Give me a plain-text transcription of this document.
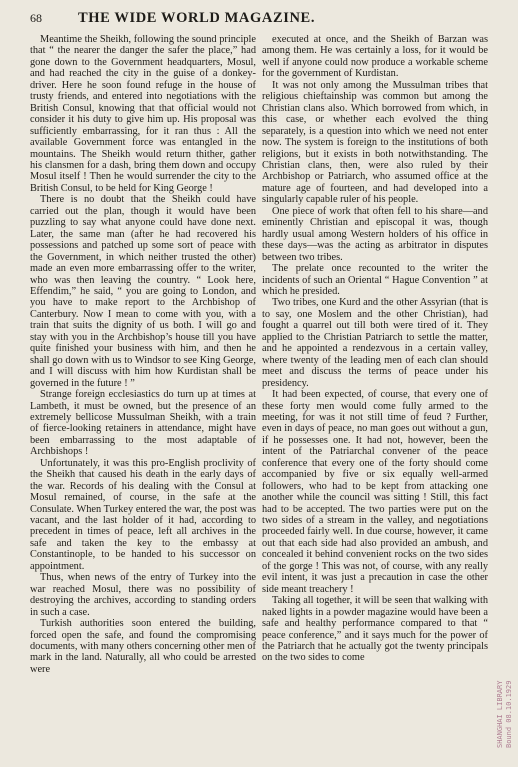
68	THE WIDE WORLD MAGAZINE.

Meantime the Sheikh, following the sound principle that “ the nearer the danger the safer the place,” had gone down to the Government headquarters, Mosul, and had reached the city in the guise of a donkey-driver. Here he soon found refuge in the house of trusty friends, and entered into negotiations with the British Consul, knowing that that official would not consider it his duty to give him up. His proposal was sufficiently embarrassing, for it ran thus : All the available Government force was entangled in the mountains. The Sheikh would return thither, gather his clansmen for a dash, bring them down and occupy Mosul itself ! Then he would surrender the city to the British Consul, to be held for King George !

There is no doubt that the Sheikh could have carried out the plan, though it would have been puzzling to say what anyone could have done next. Later, the same man (after he had recovered his possessions and patched up some sort of peace with the Government, in which neither trusted the other) made an even more embarrassing offer to the writer, who was then leaving the country. “ Look here, Effendim,” he said, “ you are going to London, and you have to make report to the Archbishop of Canterbury. Now I mean to come with you, with a train that suits the dignity of us both. I will go and stay with you in the Archbishop’s house till you have quite finished your business with him, and then he shall go down with us to Windsor to see King George, and I will discuss with him how Kurdistan shall be governed in the future ! ”

Strange foreign ecclesiastics do turn up at times at Lambeth, it must be owned, but the presence of an extremely bellicose Mussulman Sheikh, with a train of fierce-looking retainers in attendance, might have been embarrassing to the most adaptable of Archbishops !

Unfortunately, it was this pro-English proclivity of the Sheikh that caused his death in the early days of the war. Records of his dealing with the Consul at Mosul remained, of course, in the safe at the Consulate. When Turkey entered the war, the post was vacant, and the last holder of it had, according to precedent in times of peace, left all archives in the safe and taken the key to the embassy at Constantinople, to be handed to his successor on appointment.

Thus, when news of the entry of Turkey into the war reached Mosul, there was no possibility of destroying the archives, according to standing orders in such a case.

Turkish authorities soon entered the building, forced open the safe, and found the compromising documents, with many others concerning other men of mark in the land. Naturally, all who could be arrested were

executed at once, and the Sheikh of Barzan was among them. He was certainly a loss, for it would be well if anyone could now produce a workable scheme for the government of Kurdistan.

It was not only among the Mussulman tribes that religious chieftainship was common but among the Christian clans also. Which borrowed from which, in this case, or whether each evolved the thing separately, is a question into which we need not enter now. The system is foreign to the institutions of both religions, but it exists in both notwithstanding. The Christian clans, then, were also ruled by their Archbishop or Patriarch, who assumed office at the mature age of fourteen, and had developed into a singularly capable ruler of his people.

One piece of work that often fell to his share—and eminently Christian and episcopal it was, though hardly usual among Western holders of his office in these days—was the acting as arbitrator in disputes between two tribes.

The prelate once recounted to the writer the incidents of such an Oriental “ Hague Convention ” at which he presided.

Two tribes, one Kurd and the other Assyrian (that is to say, one Moslem and the other Christian), had fought a quarrel out till both were tired of it. They applied to the Christian Patriarch to settle the matter, and he appointed a rendezvous in a certain valley, where twenty of the leading men of each clan should meet and discuss the terms of peace under his presidency.

It had been expected, of course, that every one of these forty men would come fully armed to the meeting, for was it not still time of feud ? Further, even in days of peace, no man goes out without a gun, if he possesses one. It had not, however, been the intent of the Patriarchal convener of the peace conference that every one of the forty should come accompanied by five or six equally well-armed followers, who had to be kept from attacking one another while the council was sitting ! Still, this fact had to be accepted. The two parties were put on the two sides of a stream in the valley, and negotiations proceeded fairly well. In due course, however, it came out that each side had also provided an ambush, and concealed it behind convenient rocks on the two sides of the gorge ! This was not, of course, with any really evil intent, it was just a precaution in case the other side meant treachery !

Taking all together, it will be seen that walking with naked lights in a powder magazine would have been a safe and healthy performance compared to that “ peace conference,” and it says much for the power of the Patriarch that he actually got the twenty principals on the two sides to come

SHANGHAI LIBRARY Bound 08.10.1929
